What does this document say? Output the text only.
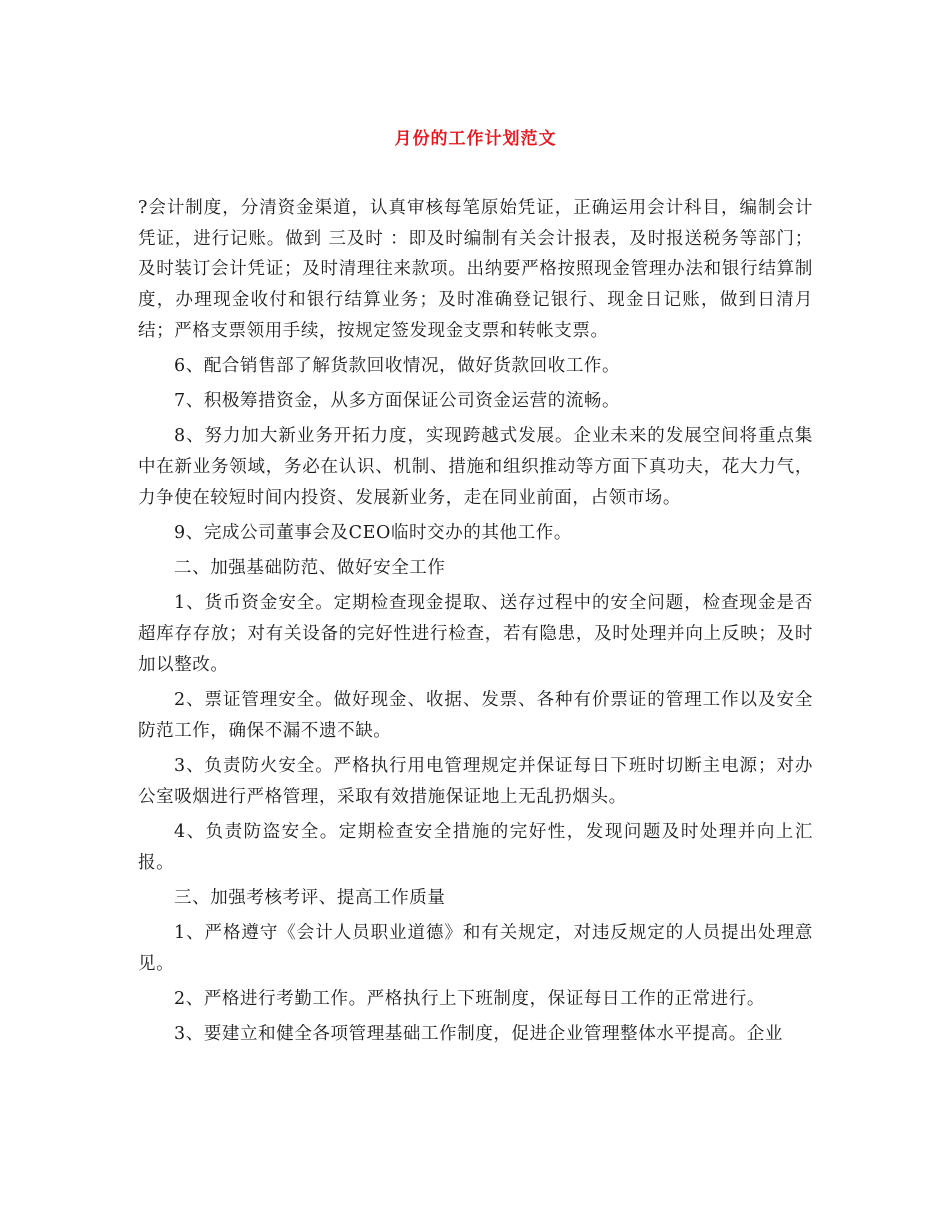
月份的工作计划范文

?会计制度，分清资金渠道，认真审核每笔原始凭证，正确运用会计科目，编制会计凭证，进行记账。做到 三及时 ：即及时编制有关会计报表，及时报送税务等部门；及时装订会计凭证；及时清理往来款项。出纳要严格按照现金管理办法和银行结算制度，办理现金收付和银行结算业务；及时准确登记银行、现金日记账，做到日清月结；严格支票领用手续，按规定签发现金支票和转帐支票。

6、配合销售部了解货款回收情况，做好货款回收工作。

7、积极筹措资金，从多方面保证公司资金运营的流畅。

8、努力加大新业务开拓力度，实现跨越式发展。企业未来的发展空间将重点集中在新业务领域，务必在认识、机制、措施和组织推动等方面下真功夫，花大力气，力争使在较短时间内投资、发展新业务，走在同业前面，占领市场。

9、完成公司董事会及CEO临时交办的其他工作。

二、加强基础防范、做好安全工作

1、货币资金安全。定期检查现金提取、送存过程中的安全问题，检查现金是否超库存存放；对有关设备的完好性进行检查，若有隐患，及时处理并向上反映；及时加以整改。

2、票证管理安全。做好现金、收据、发票、各种有价票证的管理工作以及安全防范工作，确保不漏不遗不缺。

3、负责防火安全。严格执行用电管理规定并保证每日下班时切断主电源；对办公室吸烟进行严格管理，采取有效措施保证地上无乱扔烟头。

4、负责防盗安全。定期检查安全措施的完好性，发现问题及时处理并向上汇报。

三、加强考核考评、提高工作质量

1、严格遵守《会计人员职业道德》和有关规定，对违反规定的人员提出处理意见。

2、严格进行考勤工作。严格执行上下班制度，保证每日工作的正常进行。

3、要建立和健全各项管理基础工作制度，促进企业管理整体水平提高。企业
